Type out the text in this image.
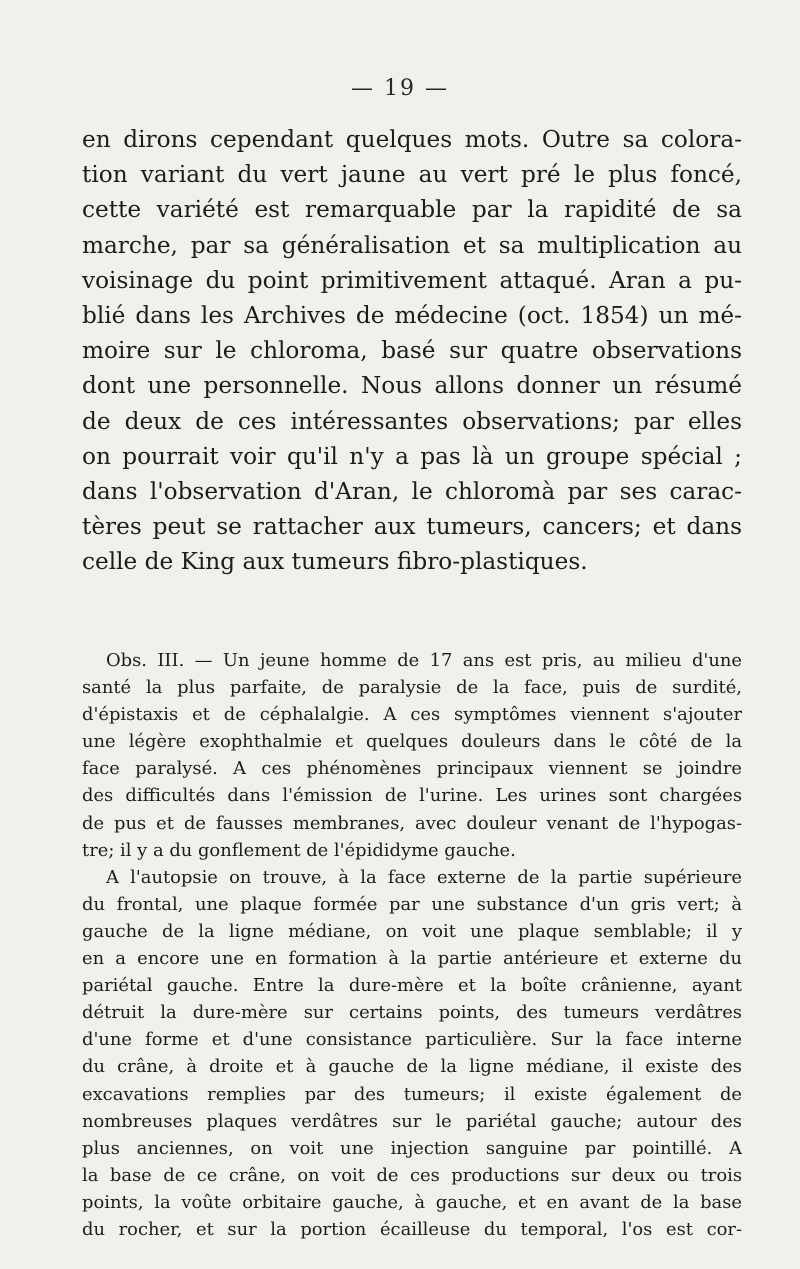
— 19 —

en dirons cependant quelques mots. Outre sa colora-
tion variant du vert jaune au vert pré le plus foncé,
cette variété est remarquable par la rapidité de sa
marche, par sa généralisation et sa multiplication au
voisinage du point primitivement attaqué. Aran a pu-
blié dans les Archives de médecine (oct. 1854) un mé-
moire sur le chloroma, basé sur quatre observations
dont une personnelle. Nous allons donner un résumé
de deux de ces intéressantes observations; par elles
on pourrait voir qu'il n'y a pas là un groupe spécial ;
dans l'observation d'Aran, le chloromà par ses carac-
tères peut se rattacher aux tumeurs, cancers; et dans
celle de King aux tumeurs fibro-plastiques.

Obs. III. — Un jeune homme de 17 ans est pris, au milieu d'une
santé la plus parfaite, de paralysie de la face, puis de surdité,
d'épistaxis et de céphalalgie. A ces symptômes viennent s'ajouter
une légère exophthalmie et quelques douleurs dans le côté de la
face paralysé. A ces phénomènes principaux viennent se joindre
des difficultés dans l'émission de l'urine. Les urines sont chargées
de pus et de fausses membranes, avec douleur venant de l'hypogas-
tre; il y a du gonflement de l'épididyme gauche.

A l'autopsie on trouve, à la face externe de la partie supérieure
du frontal, une plaque formée par une substance d'un gris vert; à
gauche de la ligne médiane, on voit une plaque semblable; il y
en a encore une en formation à la partie antérieure et externe du
pariétal gauche. Entre la dure-mère et la boîte crânienne, ayant
détruit la dure-mère sur certains points, des tumeurs verdâtres
d'une forme et d'une consistance particulière. Sur la face interne
du crâne, à droite et à gauche de la ligne médiane, il existe des
excavations remplies par des tumeurs; il existe également de
nombreuses plaques verdâtres sur le pariétal gauche; autour des
plus anciennes, on voit une injection sanguine par pointillé. A
la base de ce crâne, on voit de ces productions sur deux ou trois
points, la voûte orbitaire gauche, à gauche, et en avant de la base
du rocher, et sur la portion écailleuse du temporal, l'os est cor-
